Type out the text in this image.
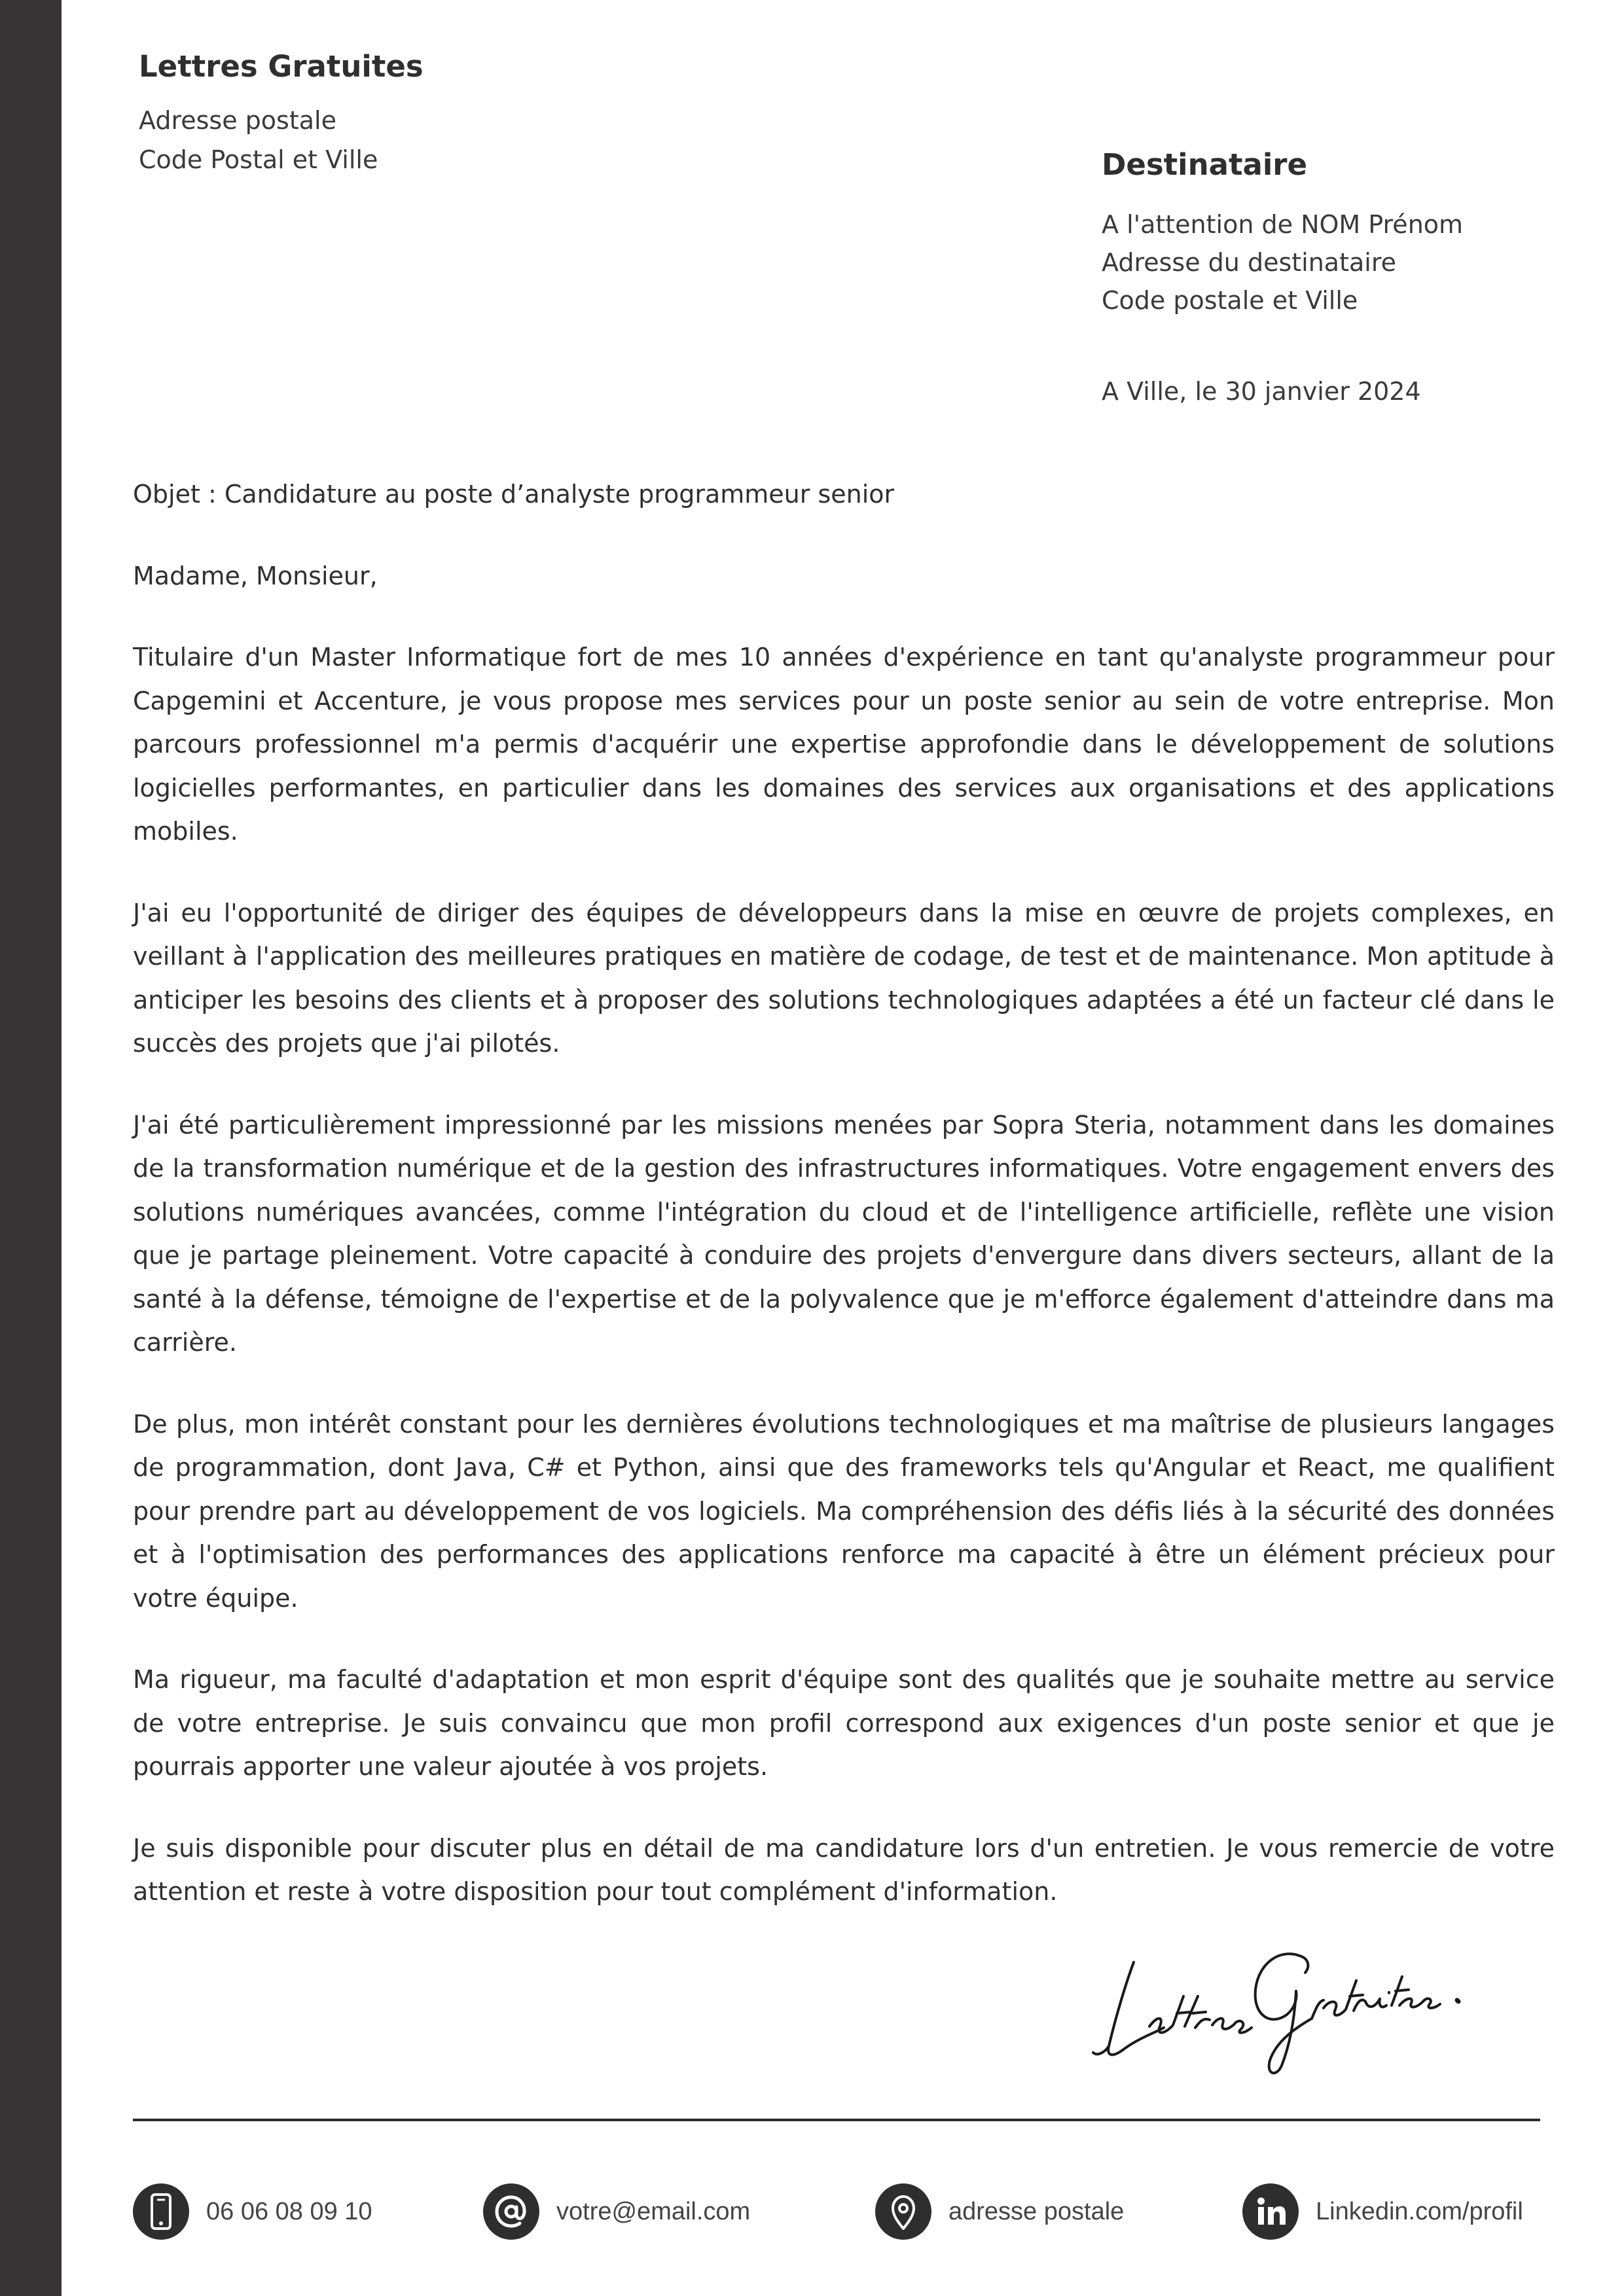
Lettres Gratuites
Adresse postale
Code Postal et Ville	Destinataire
A l'attention de NOM Prénom
Adresse du destinataire
Code postale et Ville
A Ville, le 30 janvier 2024
Objet : Candidature au poste d’analyste programmeur senior
Madame, Monsieur,

Titulaire d'un Master Informatique fort de mes 10 années d'expérience en tant qu'analyste programmeur pour Capgemini et Accenture, je vous propose mes services pour un poste senior au sein de votre entreprise. Mon parcours professionnel m'a permis d'acquérir une expertise approfondie dans le développement de solutions logicielles performantes, en particulier dans les domaines des services aux organisations et des applications mobiles.

J'ai eu l'opportunité de diriger des équipes de développeurs dans la mise en œuvre de projets complexes, en veillant à l'application des meilleures pratiques en matière de codage, de test et de maintenance. Mon aptitude à anticiper les besoins des clients et à proposer des solutions technologiques adaptées a été un facteur clé dans le succès des projets que j'ai pilotés.

J'ai été particulièrement impressionné par les missions menées par Sopra Steria, notamment dans les domaines de la transformation numérique et de la gestion des infrastructures informatiques. Votre engagement envers des solutions numériques avancées, comme l'intégration du cloud et de l'intelligence artificielle, reflète une vision que je partage pleinement. Votre capacité à conduire des projets d'envergure dans divers secteurs, allant de la santé à la défense, témoigne de l'expertise et de la polyvalence que je m'efforce également d'atteindre dans ma carrière.

De plus, mon intérêt constant pour les dernières évolutions technologiques et ma maîtrise de plusieurs langages de programmation, dont Java, C# et Python, ainsi que des frameworks tels qu'Angular et React, me qualifient pour prendre part au développement de vos logiciels. Ma compréhension des défis liés à la sécurité des données et à l'optimisation des performances des applications renforce ma capacité à être un élément précieux pour votre équipe.

Ma rigueur, ma faculté d'adaptation et mon esprit d'équipe sont des qualités que je souhaite mettre au service de votre entreprise. Je suis convaincu que mon profil correspond aux exigences d'un poste senior et que je pourrais apporter une valeur ajoutée à vos projets.

Je suis disponible pour discuter plus en détail de ma candidature lors d'un entretien. Je vous remercie de votre attention et reste à votre disposition pour tout complément d'information.

06 06 08 09 10	votre@email.com	adresse postale	Linkedin.com/profil
